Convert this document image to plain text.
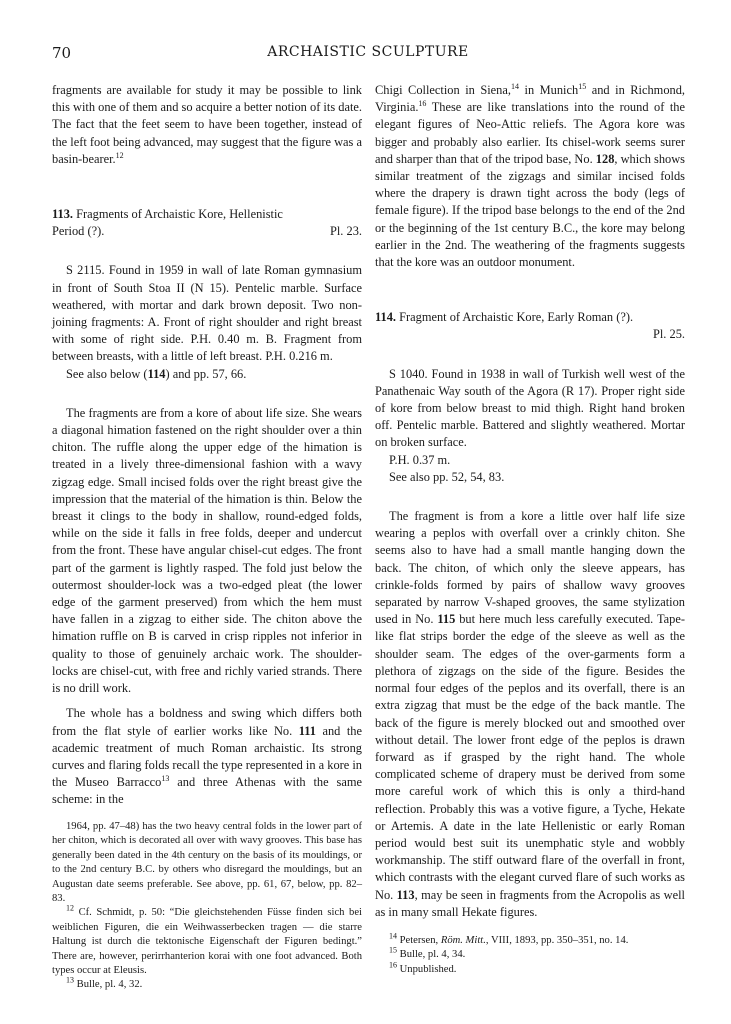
70	ARCHAISTIC SCULPTURE

fragments are available for study it may be possible to link this with one of them and so acquire a better notion of its date. The fact that the feet seem to have been together, instead of the left foot being advanced, may suggest that the figure was a basin-bearer.$^{12}$

113. Fragments of Archaistic Kore, Hellenistic

Period (?).	Pl. 23.

S 2115. Found in 1959 in wall of late Roman gymnasium in front of South Stoa II (N 15). Pentelic marble. Surface weathered, with mortar and dark brown deposit. Two non-joining fragments: A. Front of right shoulder and right breast with some of right side. P.H. 0.40 m. B. Fragment from between breasts, with a little of left breast. P.H. 0.216 m.

See also below (114) and pp. 57, 66.

The fragments are from a kore of about life size. She wears a diagonal himation fastened on the right shoulder over a thin chiton. The ruffle along the upper edge of the himation is treated in a lively three-dimensional fashion with a wavy zigzag edge. Small incised folds over the right breast give the impression that the material of the himation is thin. Below the breast it clings to the body in shallow, round-edged folds, while on the side it falls in free folds, deeper and undercut from the front. These have angular chisel-cut edges. The front part of the garment is lightly rasped. The fold just below the outermost shoulder-lock was a two-edged pleat (the lower edge of the garment preserved) from which the hem must have fallen in a zigzag to either side. The chiton above the himation ruffle on B is carved in crisp ripples not inferior in quality to those of genuinely archaic work. The shoulder-locks are chisel-cut, with free and richly varied strands. There is no drill work.

The whole has a boldness and swing which differs both from the flat style of earlier works like No. 111 and the academic treatment of much Roman archaistic. Its strong curves and flaring folds recall the type represented in a kore in the Museo Barracco$^{13}$ and three Athenas with the same scheme: in the

Chigi Collection in Siena,$^{14}$ in Munich$^{15}$ and in Richmond, Virginia.$^{16}$ These are like translations into the round of the elegant figures of Neo-Attic reliefs. The Agora kore was bigger and probably also earlier. Its chisel-work seems surer and sharper than that of the tripod base, No. 128, which shows similar treatment of the zigzags and similar incised folds where the drapery is drawn tight across the body (legs of female figure). If the tripod base belongs to the end of the 2nd or the beginning of the 1st century B.C., the kore may belong earlier in the 2nd. The weathering of the fragments suggests that the kore was an outdoor monument.

114. Fragment of Archaistic Kore, Early Roman (?).
Pl. 25.

S 1040. Found in 1938 in wall of Turkish well west of the Panathenaic Way south of the Agora (R 17). Proper right side of kore from below breast to mid thigh. Right hand broken off. Pentelic marble. Battered and slightly weathered. Mortar on broken surface.

P.H. 0.37 m.

See also pp. 52, 54, 83.

The fragment is from a kore a little over half life size wearing a peplos with overfall over a crinkly chiton. She seems also to have had a small mantle hanging down the back. The chiton, of which only the sleeve appears, has crinkle-folds formed by pairs of shallow wavy grooves separated by narrow V-shaped grooves, the same stylization used in No. 115 but here much less carefully executed. Tape-like flat strips border the edge of the sleeve as well as the shoulder seam. The edges of the over-garments form a plethora of zigzags on the side of the figure. Besides the normal four edges of the peplos and its overfall, there is an extra zigzag that must be the edge of the back mantle. The back of the figure is merely blocked out and smoothed over without detail. The lower front edge of the peplos is drawn forward as if grasped by the right hand. The whole complicated scheme of drapery must be derived from some more careful work of which this is only a third-hand reflection. Probably this was a votive figure, a Tyche, Hekate or Artemis. A date in the late Hellenistic or early Roman period would best suit its unemphatic style and wobbly workmanship. The stiff outward flare of the overfall in front, which contrasts with the elegant curved flare of such works as No. 113, may be seen in fragments from the Acropolis as well as in many small Hekate figures.

1964, pp. 47–48) has the two heavy central folds in the lower part of her chiton, which is decorated all over with wavy grooves. This base has generally been dated in the 4th century on the basis of its mouldings, or to the 2nd century B.C. by others who disregard the mouldings, but an Augustan date seems preferable. See above, pp. 61, 67, below, pp. 82–83.

$^{12}$ Cf. Schmidt, p. 50: “Die gleichstehenden Füsse finden sich bei weiblichen Figuren, die ein Weihwasserbecken tragen — die starre Haltung ist durch die tektonische Eigenschaft der Figuren bedingt.” There are, however, perirrhanterion korai with one foot advanced. Both types occur at Eleusis.

$^{13}$ Bulle, pl. 4, 32.

$^{14}$ Petersen, Röm. Mitt., VIII, 1893, pp. 350–351, no. 14.

$^{15}$ Bulle, pl. 4, 34.

$^{16}$ Unpublished.
